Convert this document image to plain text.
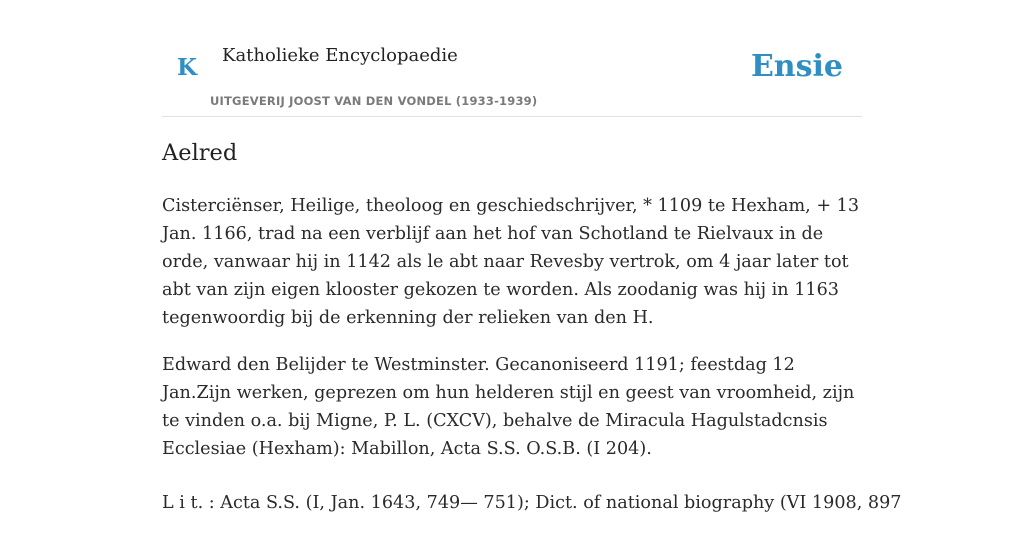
K Katholieke Encyclopaedie
UITGEVERIJ JOOST VAN DEN VONDEL (1933-1939)
Ensie
Aelred

Cisterciënser, Heilige, theoloog en geschiedschrijver, * 1109 te Hexham, + 13 Jan. 1166, trad na een verblijf aan het hof van Schotland te Rielvaux in de orde, vanwaar hij in 1142 als le abt naar Revesby vertrok, om 4 jaar later tot abt van zijn eigen klooster gekozen te worden. Als zoodanig was hij in 1163 tegenwoordig bij de erkenning der relieken van den H.

Edward den Belijder te Westminster. Gecanoniseerd 1191; feestdag 12 Jan.Zijn werken, geprezen om hun helderen stijl en geest van vroomheid, zijn te vinden o.a. bij Migne, P. L. (CXCV), behalve de Miracula Hagulstadcnsis Ecclesiae (Hexham): Mabillon, Acta S.S. O.S.B. (I 204).

L i t. : Acta S.S. (I, Jan. 1643, 749— 751); Dict. of national biography (VI 1908, 897
